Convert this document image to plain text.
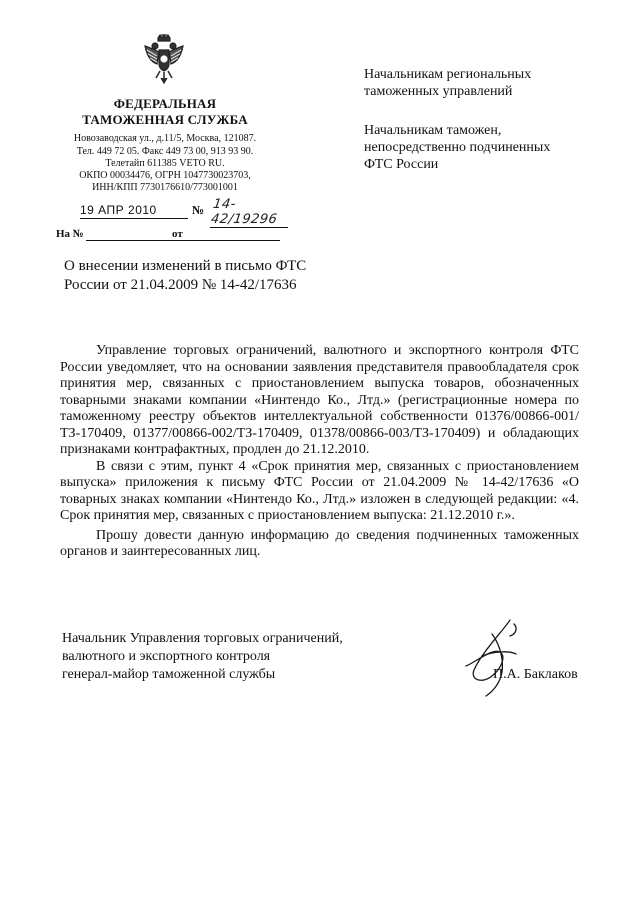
ФЕДЕРАЛЬНАЯ
ТАМОЖЕННАЯ СЛУЖБА
Новозаводская ул., д.11/5, Москва, 121087.
Тел. 449 72 05. Факс 449 73 00, 913 93 90.
Телетайп 611385 VETO RU.
ОКПО 00034476, ОГРН 1047730023703,
ИНН/КПП 7730176610/773001001
19 АПР 2010	№ 14-42/19296
На №	от
Начальникам региональных
таможенных управлений
Начальникам таможен,
непосредственно подчиненных
ФТС России
О внесении изменений в письмо ФТС
России от 21.04.2009 № 14-42/17636

Управление торговых ограничений, валютного и экспортного контроля ФТС России уведомляет, что на основании заявления представителя правообладателя срок принятия мер, связанных с приостановлением выпуска товаров, обозначенных товарными знаками компании «Нинтендо Ко., Лтд.» (регистрационные номера по таможенному реестру объектов интеллектуальной собственности 01376/00866-001/ТЗ-170409, 01377/00866-002/ТЗ-170409, 01378/00866-003/ТЗ-170409) и обладающих признаками контрафактных, продлен до 21.12.2010.

В связи с этим, пункт 4 «Срок принятия мер, связанных с приостановлением выпуска» приложения к письму ФТС России от 21.04.2009 № 14-42/17636 «О товарных знаках компании «Нинтендо Ко., Лтд.» изложен в следующей редакции: «4. Срок принятия мер, связанных с приостановлением выпуска: 21.12.2010 г.».

Прошу довести данную информацию до сведения подчиненных таможенных органов и заинтересованных лиц.

Начальник Управления торговых ограничений,
валютного и экспортного контроля
генерал-майор таможенной службы	П.А. Баклаков
